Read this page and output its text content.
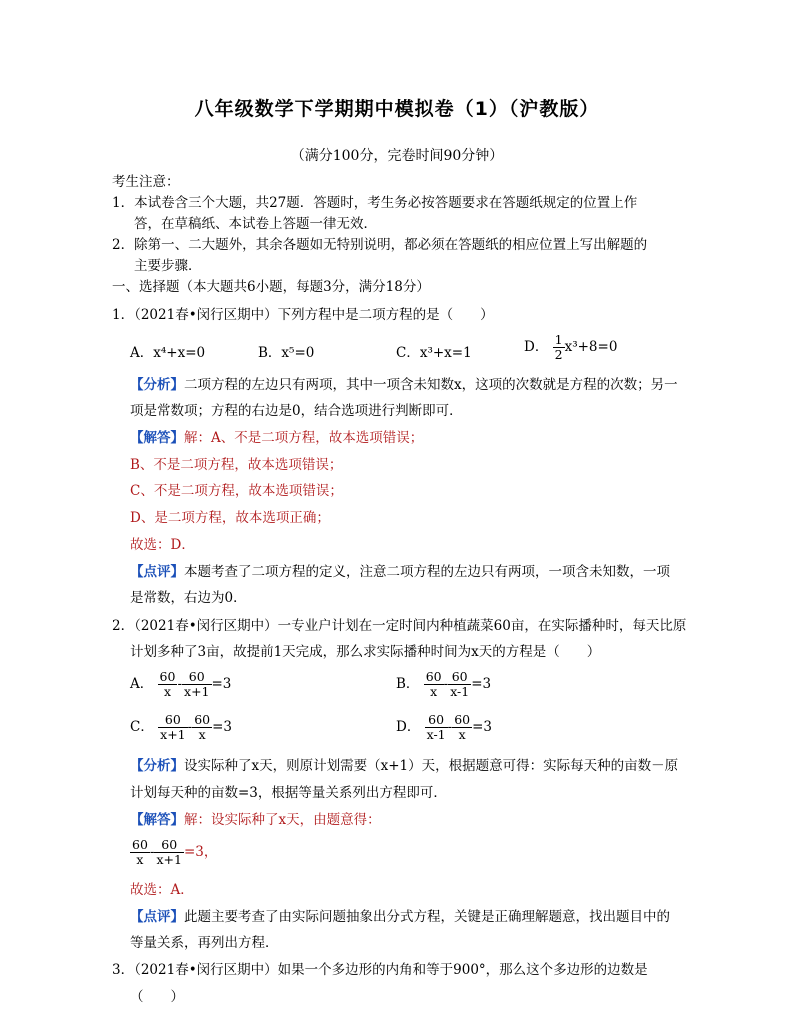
八年级数学下学期期中模拟卷（1）（沪教版）
（满分100分，完卷时间90分钟）
考生注意：
1．本试卷含三个大题，共27题．答题时，考生务必按答题要求在答题纸规定的位置上作
答，在草稿纸、本试卷上答题一律无效．
2．除第一、二大题外，其余各题如无特别说明，都必须在答题纸的相应位置上写出解题的
主要步骤．
一、选择题（本大题共6小题，每题3分，满分18分）
1．（2021春•闵行区期中）下列方程中是二项方程的是（　　）
A．x⁴+x=0	B．x⁵=0	C．x³+x=1	D． $\frac{1}{2} x^3+8=0$
【分析】二项方程的左边只有两项，其中一项含未知数x，这项的次数就是方程的次数；另一
项是常数项；方程的右边是0，结合选项进行判断即可．
【解答】解：A、不是二项方程，故本选项错误；
B、不是二项方程，故本选项错误；
C、不是二项方程，故本选项错误；
D、是二项方程，故本选项正确；
故选：D．
【点评】本题考查了二项方程的定义，注意二项方程的左边只有两项，一项含未知数，一项
是常数，右边为0．
2．（2021春•闵行区期中）一专业户计划在一定时间内种植蔬菜60亩，在实际播种时，每天比原
计划多种了3亩，故提前1天完成，那么求实际播种时间为x天的方程是（　　）
A． $\frac{60}{x} - \frac{60}{x+1} =3$	B． $\frac{60}{x} - \frac{60}{x-1} =3$
C． $\frac{60}{x+1} - \frac{60}{x} =3$	D． $\frac{60}{x-1} - \frac{60}{x} =3$
【分析】设实际种了x天，则原计划需要（x+1）天，根据题意可得：实际每天种的亩数－原
计划每天种的亩数=3，根据等量关系列出方程即可．
【解答】解：设实际种了x天，由题意得：
$\frac{60}{x} - \frac{60}{x+1} =3$，
故选：A．
【点评】此题主要考查了由实际问题抽象出分式方程，关键是正确理解题意，找出题目中的
等量关系，再列出方程．
3．（2021春•闵行区期中）如果一个多边形的内角和等于900°，那么这个多边形的边数是
（　　）
